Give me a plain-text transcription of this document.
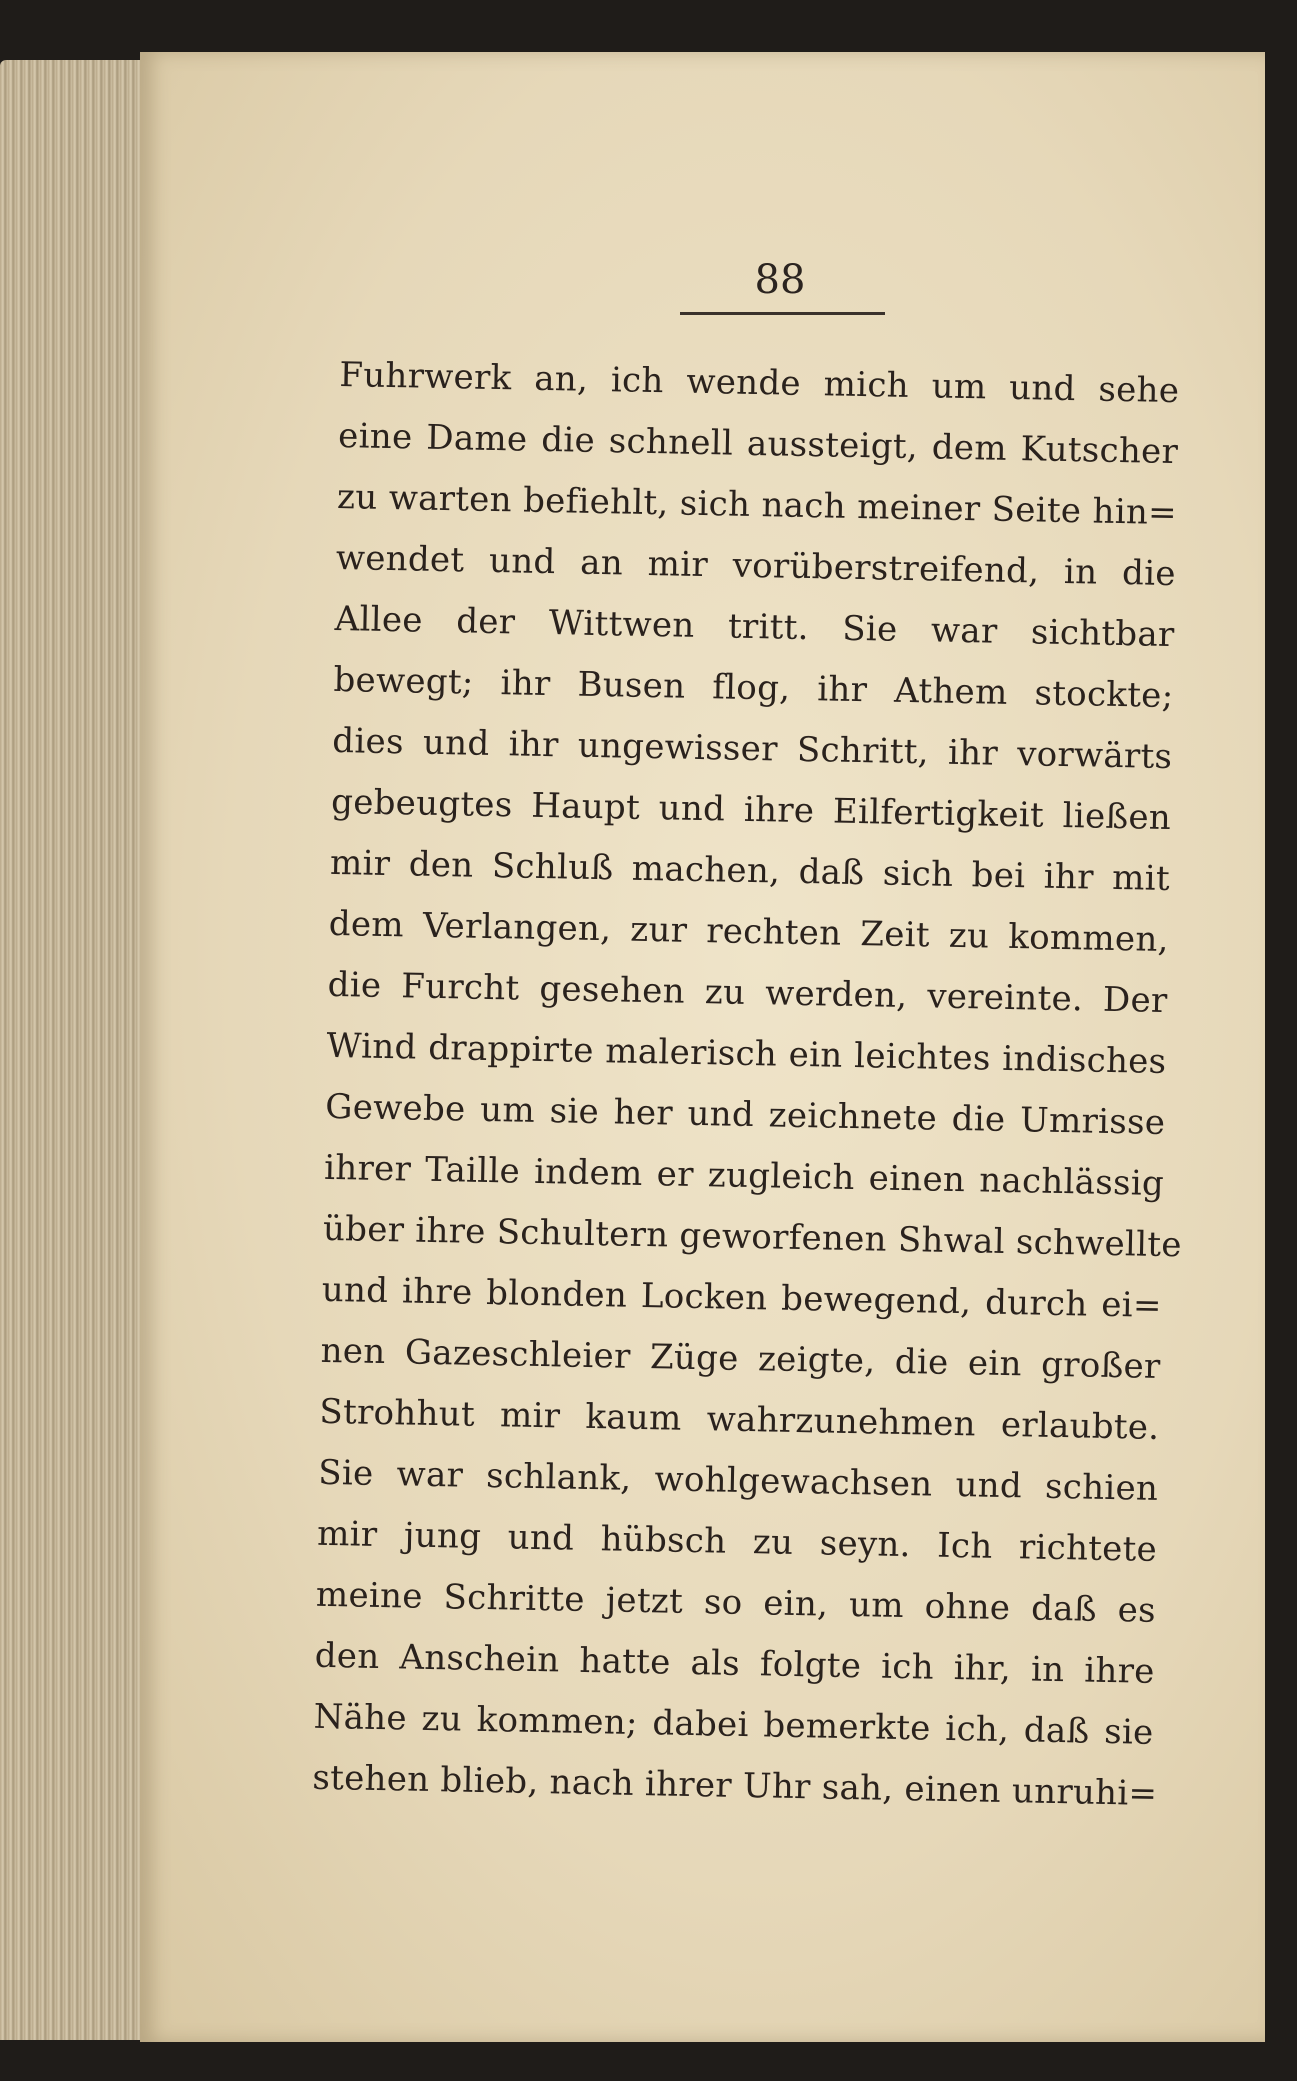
88
Fuhrwerk an, ich wende mich um und sehe
eine Dame die schnell aussteigt, dem Kutscher
zu warten befiehlt, sich nach meiner Seite hin=
wendet und an mir vorüberstreifend, in die
Allee der Wittwen tritt. Sie war sichtbar
bewegt; ihr Busen flog, ihr Athem stockte;
dies und ihr ungewisser Schritt, ihr vorwärts
gebeugtes Haupt und ihre Eilfertigkeit ließen
mir den Schluß machen, daß sich bei ihr mit
dem Verlangen, zur rechten Zeit zu kommen,
die Furcht gesehen zu werden, vereinte. Der
Wind drappirte malerisch ein leichtes indisches
Gewebe um sie her und zeichnete die Umrisse
ihrer Taille indem er zugleich einen nachlässig
über ihre Schultern geworfenen Shwal schwellte
und ihre blonden Locken bewegend, durch ei=
nen Gazeschleier Züge zeigte, die ein großer
Strohhut mir kaum wahrzunehmen erlaubte.
Sie war schlank, wohlgewachsen und schien
mir jung und hübsch zu seyn. Ich richtete
meine Schritte jetzt so ein, um ohne daß es
den Anschein hatte als folgte ich ihr, in ihre
Nähe zu kommen; dabei bemerkte ich, daß sie
stehen blieb, nach ihrer Uhr sah, einen unruhi=
